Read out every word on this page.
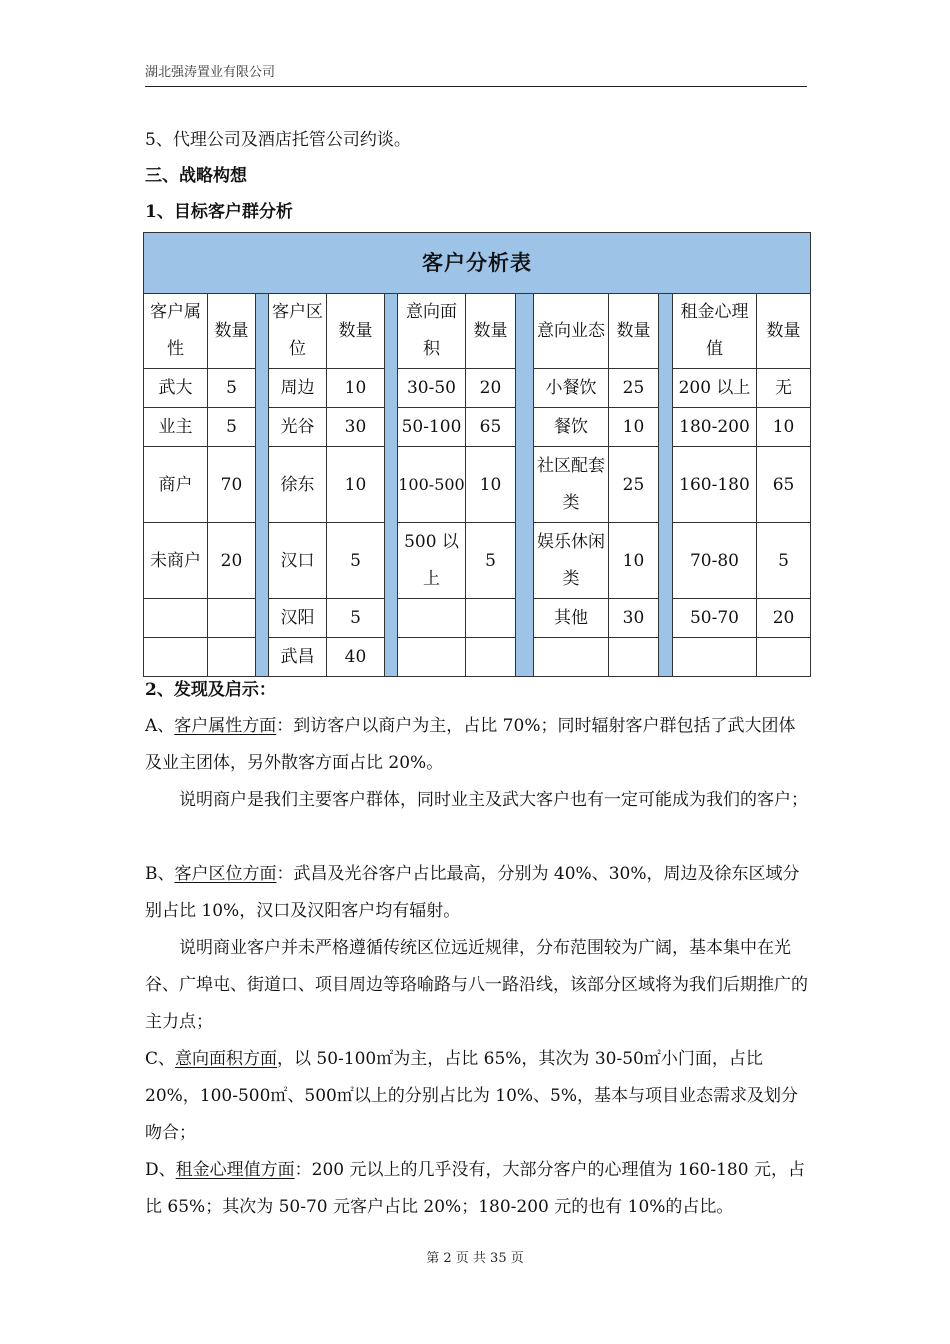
湖北强涛置业有限公司
5、代理公司及酒店托管公司约谈。
三、战略构想
1、目标客户群分析
客户分析表													
客户属性	数量		客户区位	数量		意向面积	数量		意向业态	数量		租金心理值	数量
武大	5		周边	10		30-50	20		小餐饮	25		200 以上	无
业主	5		光谷	30		50-100	65		餐饮	10		180-200	10
商户	70		徐东	10		100-500	10		社区配套类	25		160-180	65
未商户	20		汉口	5		500 以上	5		娱乐休闲类	10		70-80	5
			汉阳	5					其他	30		50-70	20
			武昌	40									
2、发现及启示：
A、客户属性方面：到访客户以商户为主，占比 70%；同时辐射客户群包括了武大团体及业主团体，另外散客方面占比 20%。
说明商户是我们主要客户群体，同时业主及武大客户也有一定可能成为我们的客户；
B、客户区位方面：武昌及光谷客户占比最高，分别为 40%、30%，周边及徐东区域分别占比 10%，汉口及汉阳客户均有辐射。
说明商业客户并未严格遵循传统区位远近规律，分布范围较为广阔，基本集中在光谷、广埠屯、街道口、项目周边等珞喻路与八一路沿线，该部分区域将为我们后期推广的主力点；
C、意向面积方面，以 50-100㎡为主，占比 65%，其次为 30-50㎡小门面，占比 20%，100-500㎡、500㎡以上的分别占比为 10%、5%，基本与项目业态需求及划分吻合；
D、租金心理值方面：200 元以上的几乎没有，大部分客户的心理值为 160-180 元，占比 65%；其次为 50-70 元客户占比 20%；180-200 元的也有 10%的占比。
第 2 页 共 35 页
